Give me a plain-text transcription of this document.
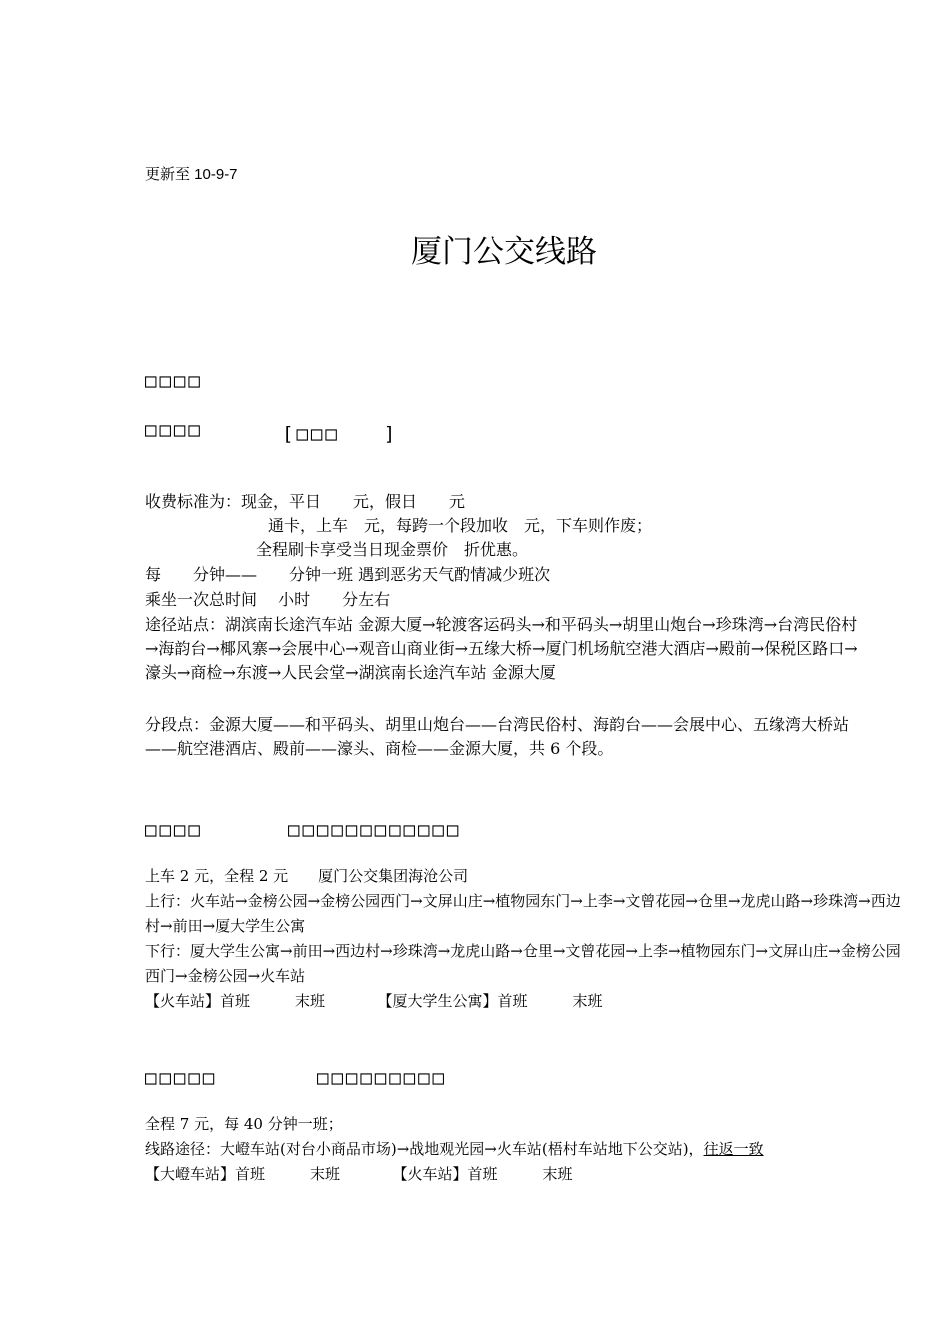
更新至 10-9-7
厦门公交线路
□□□□
□□□□	[□□□　　]
收费标准为：现金，平日　　元，假日　　元
通卡，上车　元，每跨一个段加收　元，下车则作废；
全程刷卡享受当日现金票价　折优惠。
每　　分钟——　　分钟一班 遇到恶劣天气酌情减少班次
乘坐一次总时间　 小时　　分左右
途径站点：湖滨南长途汽车站 金源大厦→轮渡客运码头→和平码头→胡里山炮台→珍珠湾→台湾民俗村→海韵台→椰风寨→会展中心→观音山商业街→五缘大桥→厦门机场航空港大酒店→殿前→保税区路口→濠头→商检→东渡→人民会堂→湖滨南长途汽车站 金源大厦
分段点：金源大厦——和平码头、胡里山炮台——台湾民俗村、海韵台——会展中心、五缘湾大桥站——航空港酒店、殿前——濠头、商检——金源大厦，共 6 个段。
□□□□	□□□□□□□□□□□□
上车 2 元，全程 2 元　　厦门公交集团海沧公司
上行：火车站→金榜公园→金榜公园西门→文屏山庄→植物园东门→上李→文曾花园→仓里→龙虎山路→珍珠湾→西边村→前田→厦大学生公寓
下行：厦大学生公寓→前田→西边村→珍珠湾→龙虎山路→仓里→文曾花园→上李→植物园东门→文屏山庄→金榜公园西门→金榜公园→火车站
【火车站】首班　　　末班　　　　【厦大学生公寓】首班　　　末班
□□□□□	□□□□□□□□□
全程 7 元，每 40 分钟一班；
线路途径：大嶝车站(对台小商品市场)→战地观光园→火车站(梧村车站地下公交站)，往返一致
【大嶝车站】首班　　　末班　　　　【火车站】首班　　　末班
